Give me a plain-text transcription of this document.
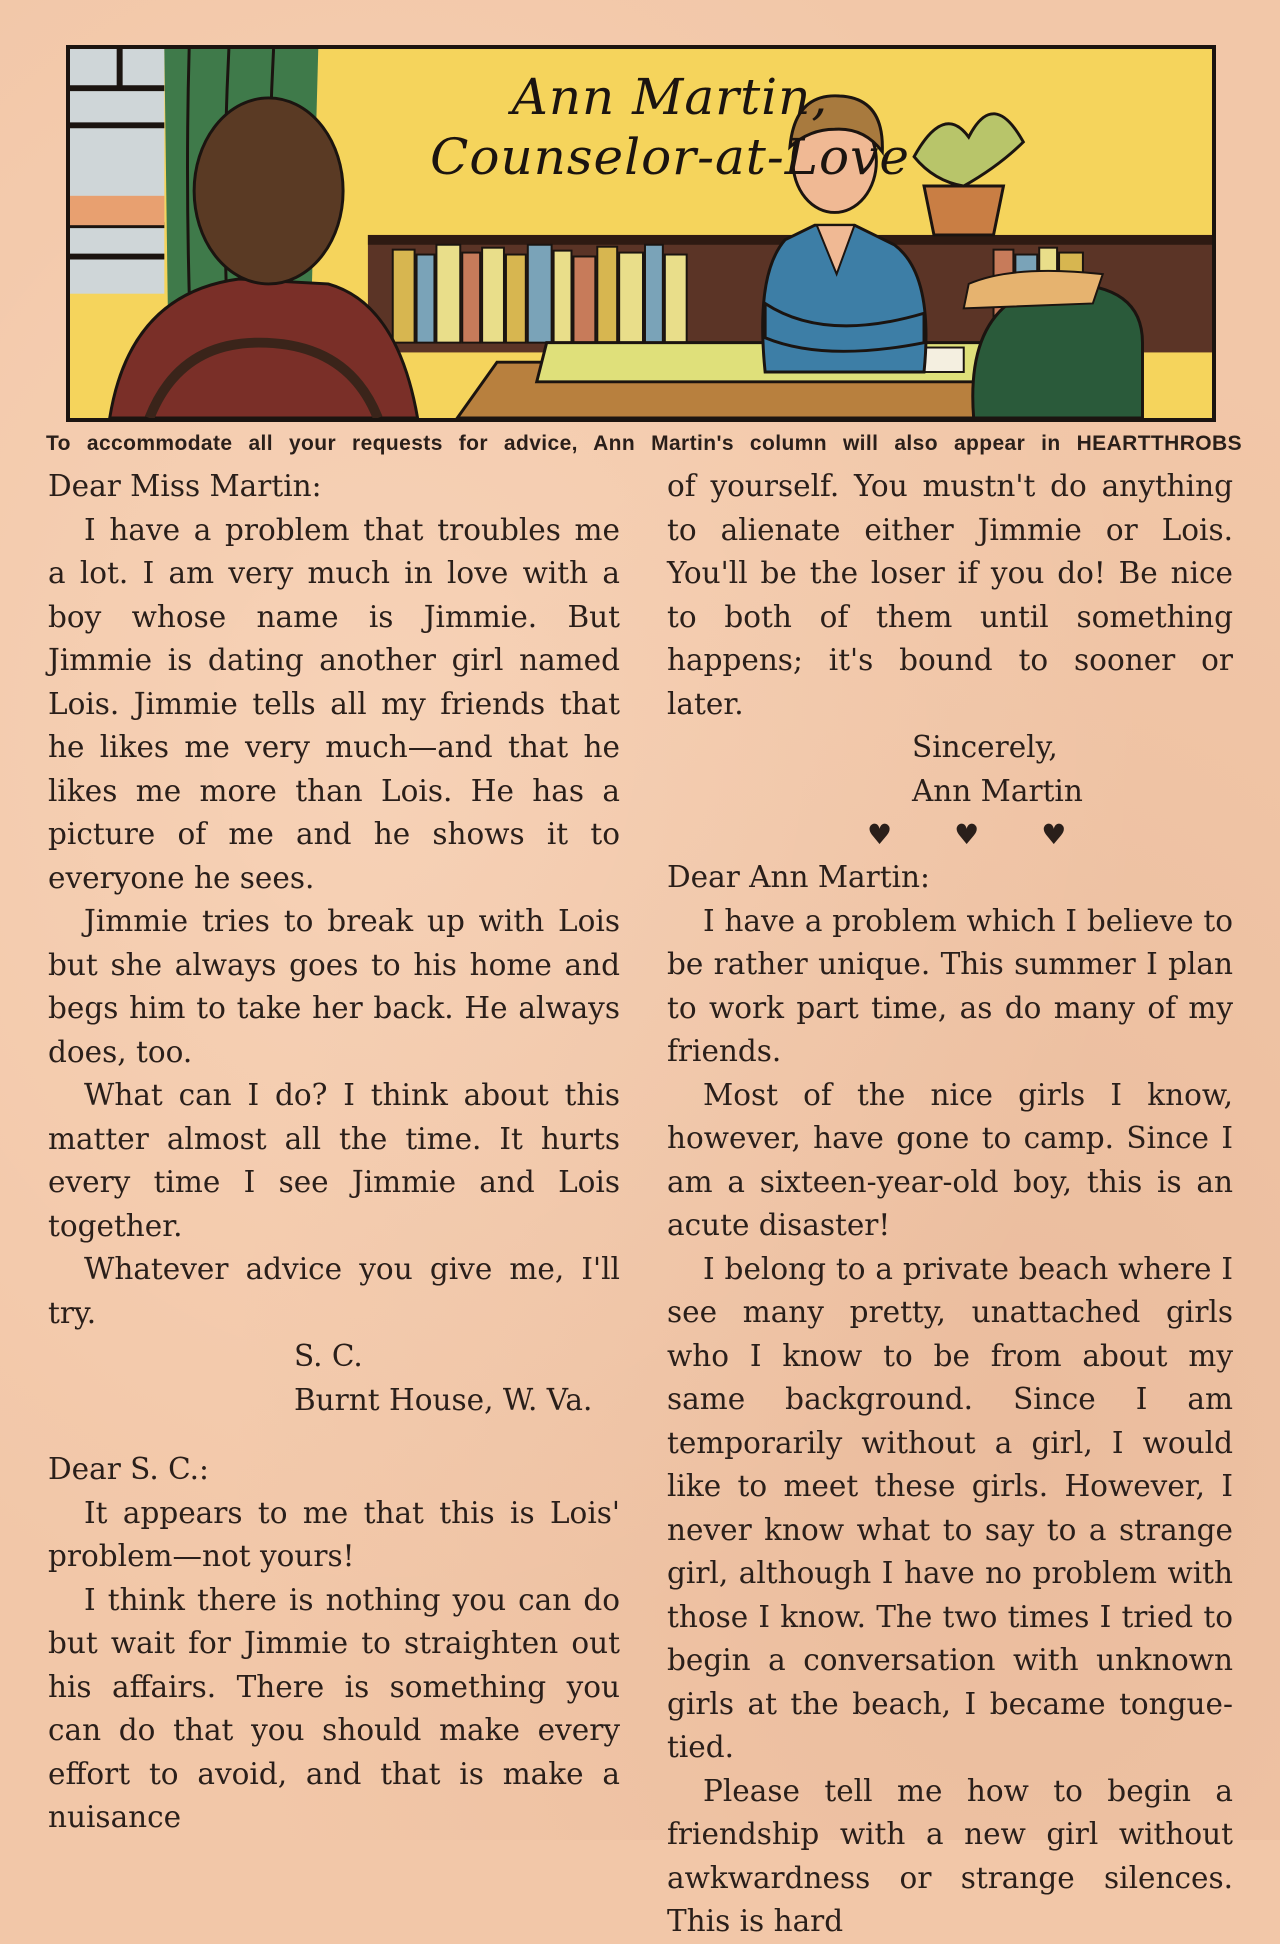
Ann Martin,
Counselor-at-Love
To accommodate all your requests for advice, Ann Martin's column will also appear in HEARTTHROBS

Dear Miss Martin:

I have a problem that troubles me a lot. I am very much in love with a boy whose name is Jimmie. But Jimmie is dating another girl named Lois. Jimmie tells all my friends that he likes me very much—and that he likes me more than Lois. He has a picture of me and he shows it to everyone he sees.

Jimmie tries to break up with Lois but she always goes to his home and begs him to take her back. He always does, too.

What can I do? I think about this matter almost all the time. It hurts every time I see Jimmie and Lois together.

Whatever advice you give me, I'll try.

S. C.
Burnt House, W. Va.

Dear S. C.:

It appears to me that this is Lois' problem—not yours!

I think there is nothing you can do but wait for Jimmie to straighten out his affairs. There is something you can do that you should make every effort to avoid, and that is make a nuisance

of yourself. You mustn't do anything to alienate either Jimmie or Lois. You'll be the loser if you do! Be nice to both of them until something happens; it's bound to sooner or later.

Sincerely,
Ann Martin
♥ ♥ ♥

Dear Ann Martin:

I have a problem which I believe to be rather unique. This summer I plan to work part time, as do many of my friends.

Most of the nice girls I know, however, have gone to camp. Since I am a sixteen-year-old boy, this is an acute disaster!

I belong to a private beach where I see many pretty, unattached girls who I know to be from about my same background. Since I am temporarily without a girl, I would like to meet these girls. However, I never know what to say to a strange girl, although I have no problem with those I know. The two times I tried to begin a conversation with unknown girls at the beach, I became tongue-tied.

Please tell me how to begin a friendship with a new girl without awkwardness or strange silences. This is hard
